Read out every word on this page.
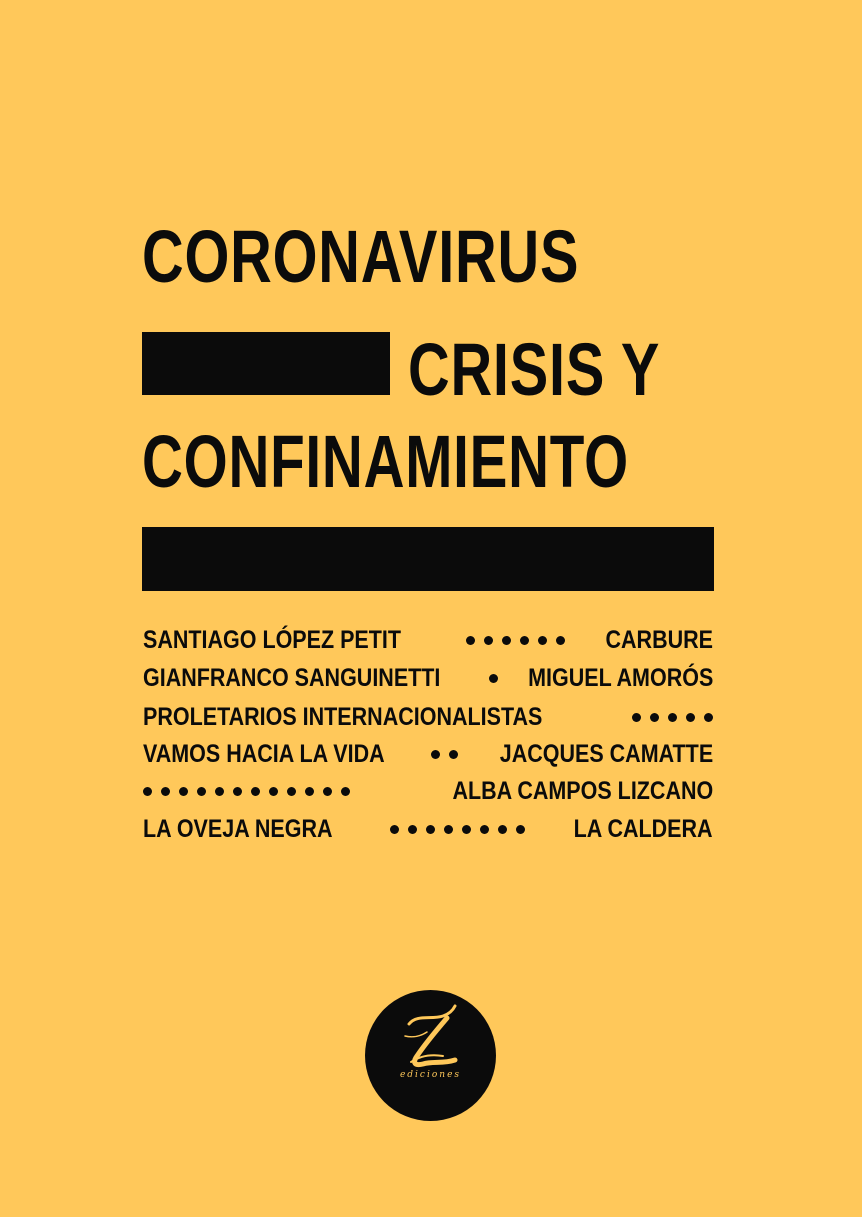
CORONAVIRUS
CRISIS Y
CONFINAMIENTO
SANTIAGO LÓPEZ PETIT	CARBURE
GIANFRANCO SANGUINETTI	MIGUEL AMORÓS
PROLETARIOS INTERNACIONALISTAS
VAMOS HACIA LA VIDA	JACQUES CAMATTE
ALBA CAMPOS LIZCANO
LA OVEJA NEGRA	LA CALDERA
ediciones
